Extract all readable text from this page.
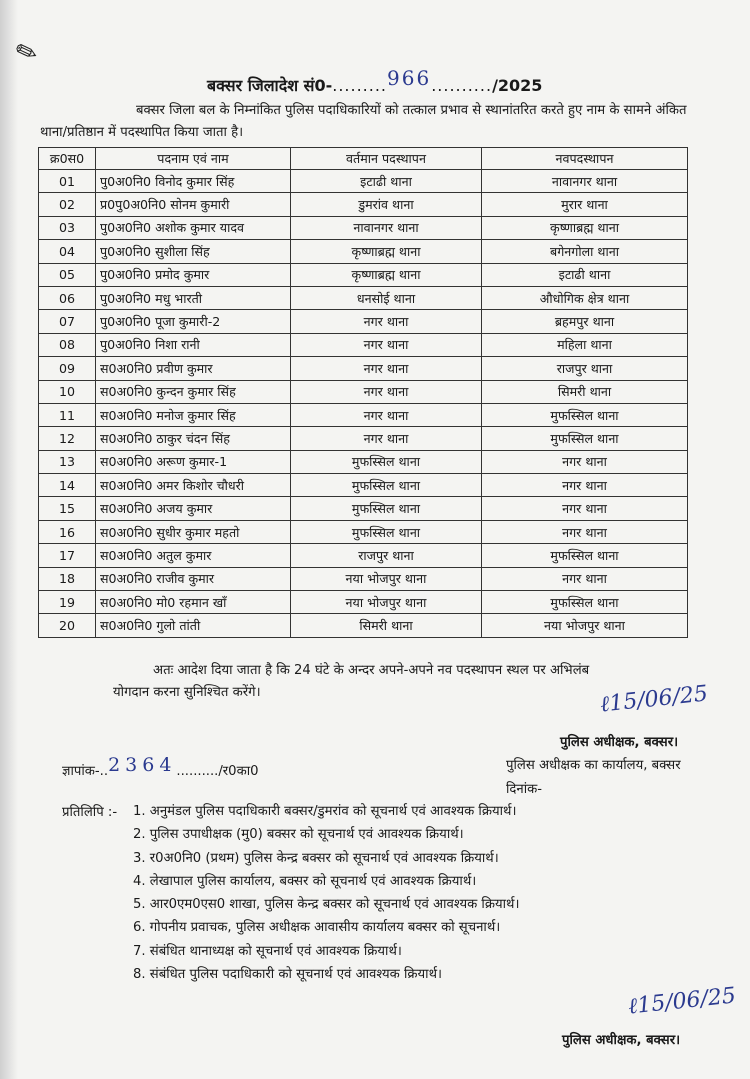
✎
बक्सर जिलादेश सं0-.........966........../2025
बक्सर जिला बल के निम्नांकित पुलिस पदाधिकारियों को तत्काल प्रभाव से स्थानांतरित करते हुए नाम के सामने अंकित थाना/प्रतिष्ठान में पदस्थापित किया जाता है।
क्र0स0	पदनाम एवं नाम	वर्तमान पदस्थापन	नवपदस्थापन
01	पु0अ0नि0 विनोद कुमार सिंह	इटाढी थाना	नावानगर थाना
02	प्र0पु0अ0नि0 सोनम कुमारी	डुमरांव थाना	मुरार थाना
03	पु0अ0नि0 अशोक कुमार यादव	नावानगर थाना	कृष्णाब्रह्म थाना
04	पु0अ0नि0 सुशीला सिंह	कृष्णाब्रह्म थाना	बगेनगोला थाना
05	पु0अ0नि0 प्रमोद कुमार	कृष्णाब्रह्म थाना	इटाढी थाना
06	पु0अ0नि0 मधु भारती	धनसोई थाना	औधोगिक क्षेत्र थाना
07	पु0अ0नि0 पूजा कुमारी-2	नगर थाना	ब्रहमपुर थाना
08	पु0अ0नि0 निशा रानी	नगर थाना	महिला थाना
09	स0अ0नि0 प्रवीण कुमार	नगर थाना	राजपुर थाना
10	स0अ0नि0 कुन्दन कुमार सिंह	नगर थाना	सिमरी थाना
11	स0अ0नि0 मनोज कुमार सिंह	नगर थाना	मुफस्सिल थाना
12	स0अ0नि0 ठाकुर चंदन सिंह	नगर थाना	मुफस्सिल थाना
13	स0अ0नि0 अरूण कुमार-1	मुफस्सिल थाना	नगर थाना
14	स0अ0नि0 अमर किशोर चौधरी	मुफस्सिल थाना	नगर थाना
15	स0अ0नि0 अजय कुमार	मुफस्सिल थाना	नगर थाना
16	स0अ0नि0 सुधीर कुमार महतो	मुफस्सिल थाना	नगर थाना
17	स0अ0नि0 अतुल कुमार	राजपुर थाना	मुफस्सिल थाना
18	स0अ0नि0 राजीव कुमार	नया भोजपुर थाना	नगर थाना
19	स0अ0नि0 मो0 रहमान खाँ	नया भोजपुर थाना	मुफस्सिल थाना
20	स0अ0नि0 गुलो तांती	सिमरी थाना	नया भोजपुर थाना
अतः आदेश दिया जाता है कि 24 घंटे के अन्दर अपने-अपने नव पदस्थापन स्थल पर अभिलंब
योगदान करना सुनिश्चित करेंगे।	ℓ15/06/25
पुलिस अधीक्षक, बक्सर।
ज्ञापांक-..2364........../र0का0	पुलिस अधीक्षक का कार्यालय, बक्सर
दिनांक-
प्रतिलिपि :- 1. अनुमंडल पुलिस पदाधिकारी बक्सर/डुमरांव को सूचनार्थ एवं आवश्यक क्रियार्थ।
2. पुलिस उपाधीक्षक (मु0) बक्सर को सूचनार्थ एवं आवश्यक क्रियार्थ।
3. र0अ0नि0 (प्रथम) पुलिस केन्द्र बक्सर को सूचनार्थ एवं आवश्यक क्रियार्थ।
4. लेखापाल पुलिस कार्यालय, बक्सर को सूचनार्थ एवं आवश्यक क्रियार्थ।
5. आर0एम0एस0 शाखा, पुलिस केन्द्र बक्सर को सूचनार्थ एवं आवश्यक क्रियार्थ।
6. गोपनीय प्रवाचक, पुलिस अधीक्षक आवासीय कार्यालय बक्सर को सूचनार्थ।
7. संबंधित थानाध्यक्ष को सूचनार्थ एवं आवश्यक क्रियार्थ।
8. संबंधित पुलिस पदाधिकारी को सूचनार्थ एवं आवश्यक क्रियार्थ।
ℓ15/06/25
पुलिस अधीक्षक, बक्सर।
